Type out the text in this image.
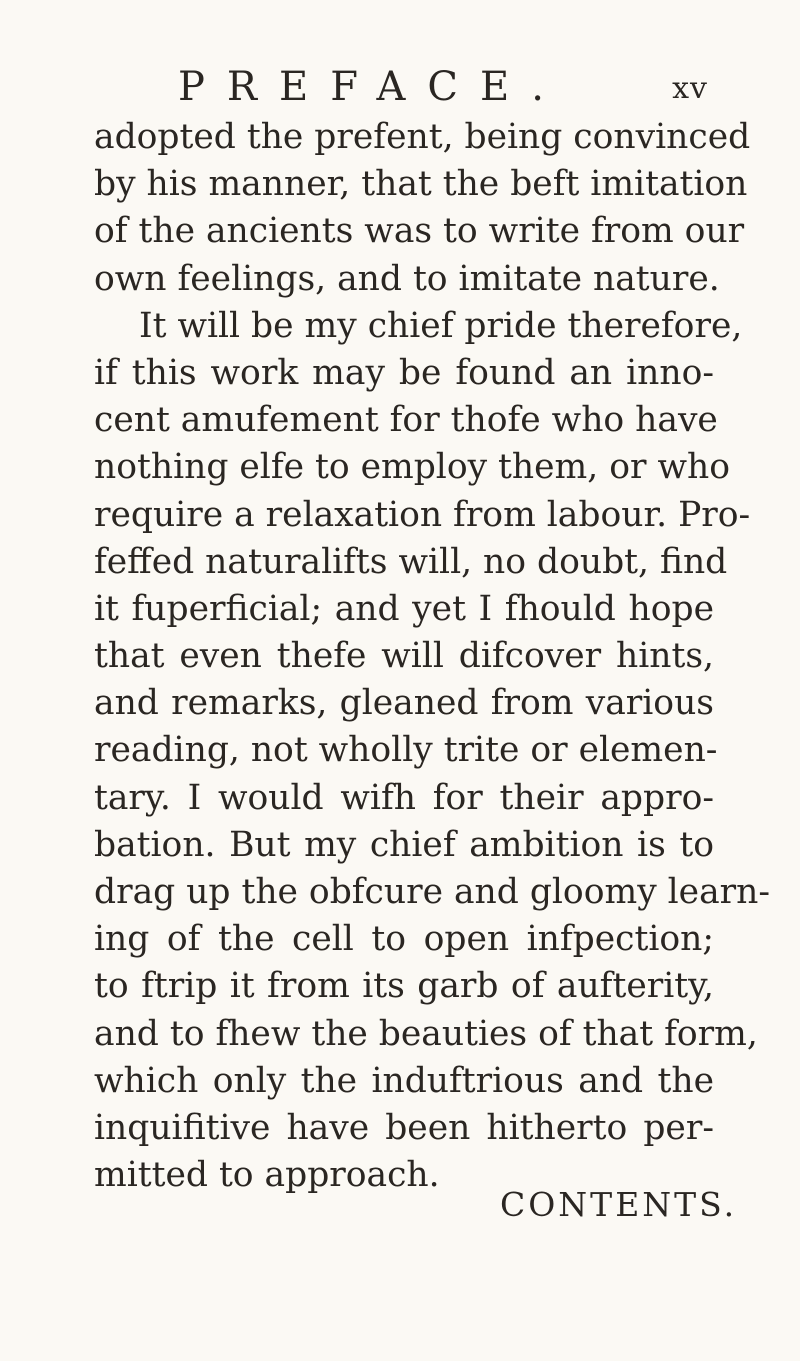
PREFACE.	xv
adopted the prefent, being convinced
by his manner, that the beft imitation
of the ancients was to write from our
own feelings, and to imitate nature.
It will be my chief pride therefore,
if this work may be found an inno-
cent amufement for thofe who have
nothing elfe to employ them, or who
require a relaxation from labour. Pro-
feffed naturalifts will, no doubt, find
it fuperficial; and yet I fhould hope
that even thefe will difcover hints,
and remarks, gleaned from various
reading, not wholly trite or elemen-
tary. I would wifh for their appro-
bation. But my chief ambition is to
drag up the obfcure and gloomy learn-
ing of the cell to open infpection;
to ftrip it from its garb of aufterity,
and to fhew the beauties of that form,
which only the induftrious and the
inquifitive have been hitherto per-
mitted to approach.
CONTENTS.
